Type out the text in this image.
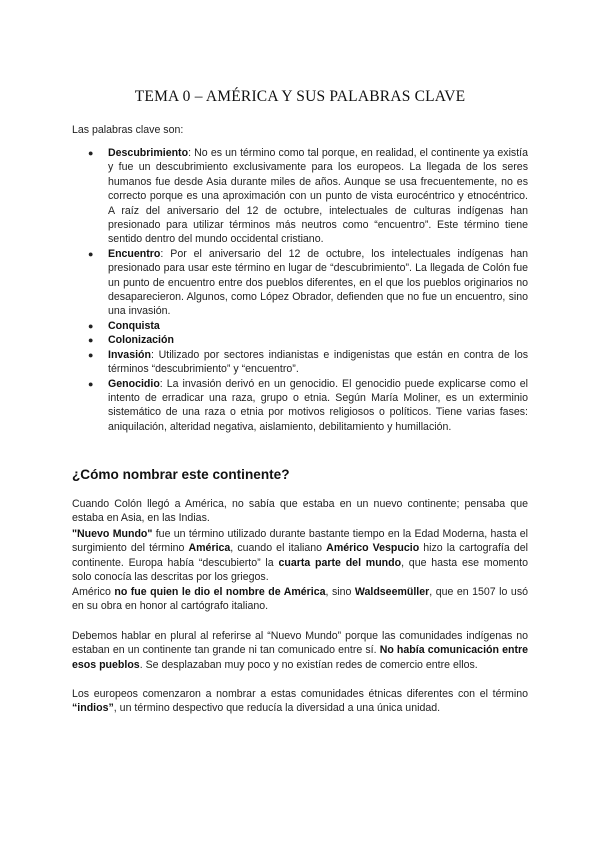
TEMA 0 – AMÉRICA Y SUS PALABRAS CLAVE
Las palabras clave son:
● Descubrimiento: No es un término como tal porque, en realidad, el continente ya existía y fue un descubrimiento exclusivamente para los europeos. La llegada de los seres humanos fue desde Asia durante miles de años. Aunque se usa frecuentemente, no es correcto porque es una aproximación con un punto de vista eurocéntrico y etnocéntrico. A raíz del aniversario del 12 de octubre, intelectuales de culturas indígenas han presionado para utilizar términos más neutros como “encuentro”. Este término tiene sentido dentro del mundo occidental cristiano.
● Encuentro: Por el aniversario del 12 de octubre, los intelectuales indígenas han presionado para usar este término en lugar de “descubrimiento”. La llegada de Colón fue un punto de encuentro entre dos pueblos diferentes, en el que los pueblos originarios no desaparecieron. Algunos, como López Obrador, defienden que no fue un encuentro, sino una invasión.
● Conquista
● Colonización
● Invasión: Utilizado por sectores indianistas e indigenistas que están en contra de los términos “descubrimiento” y “encuentro”.
● Genocidio: La invasión derivó en un genocidio. El genocidio puede explicarse como el intento de erradicar una raza, grupo o etnia. Según María Moliner, es un exterminio sistemático de una raza o etnia por motivos religiosos o políticos. Tiene varias fases: aniquilación, alteridad negativa, aislamiento, debilitamiento y humillación.
¿Cómo nombrar este continente?

Cuando Colón llegó a América, no sabía que estaba en un nuevo continente; pensaba que estaba en Asia, en las Indias.

"Nuevo Mundo" fue un término utilizado durante bastante tiempo en la Edad Moderna, hasta el surgimiento del término América, cuando el italiano Américo Vespucio hizo la cartografía del continente. Europa había “descubierto” la cuarta parte del mundo, que hasta ese momento solo conocía las descritas por los griegos.

Américo no fue quien le dio el nombre de América, sino Waldseemüller, que en 1507 lo usó en su obra en honor al cartógrafo italiano.

Debemos hablar en plural al referirse al “Nuevo Mundo” porque las comunidades indígenas no estaban en un continente tan grande ni tan comunicado entre sí. No había comunicación entre esos pueblos. Se desplazaban muy poco y no existían redes de comercio entre ellos.

Los europeos comenzaron a nombrar a estas comunidades étnicas diferentes con el término “indios”, un término despectivo que reducía la diversidad a una única unidad.
